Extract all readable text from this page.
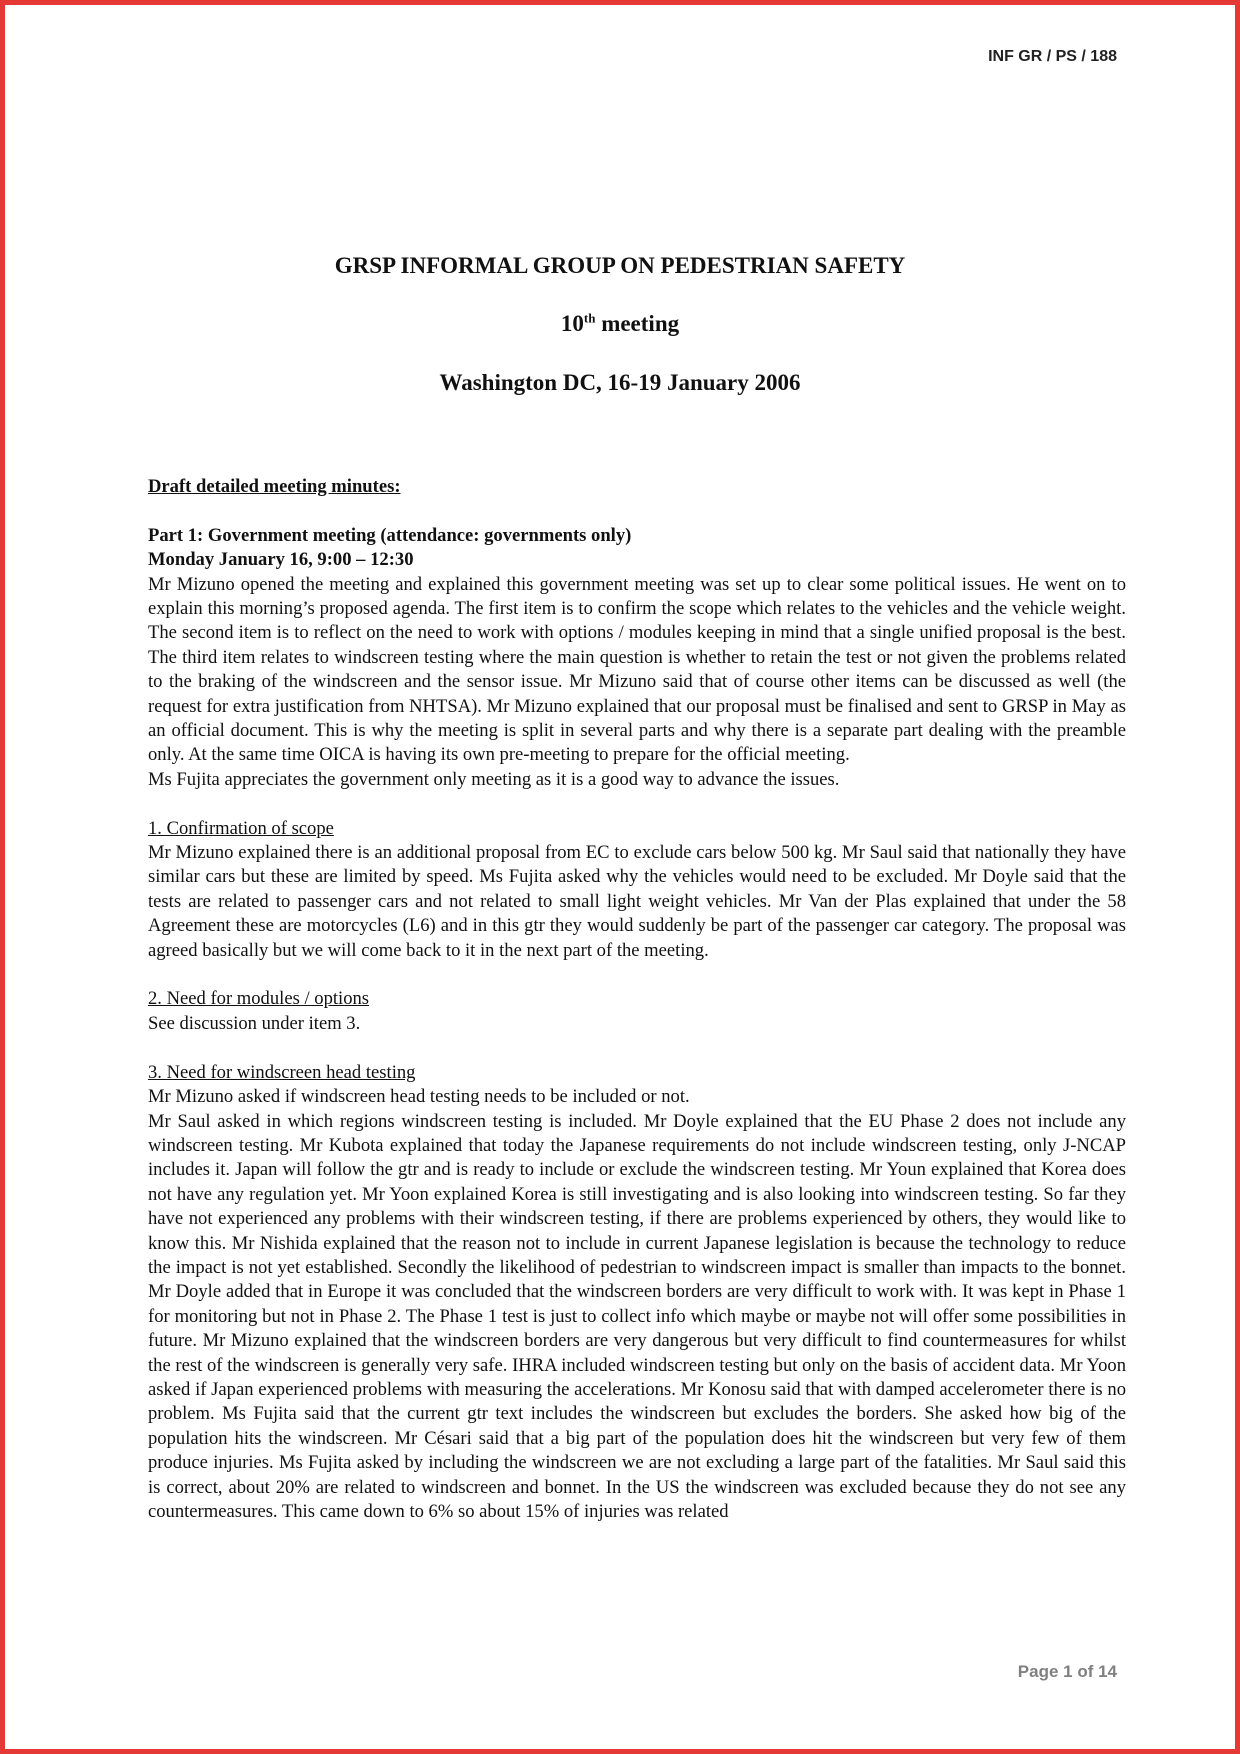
INF GR / PS / 188
GRSP INFORMAL GROUP ON PEDESTRIAN SAFETY
10th meeting
Washington DC, 16-19 January 2006
Draft detailed meeting minutes:
Part 1: Government meeting (attendance: governments only)
Monday January 16, 9:00 – 12:30
Mr Mizuno opened the meeting and explained this government meeting was set up to clear some political issues. He went on to explain this morning’s proposed agenda. The first item is to confirm the scope which relates to the vehicles and the vehicle weight. The second item is to reflect on the need to work with options / modules keeping in mind that a single unified proposal is the best. The third item relates to windscreen testing where the main question is whether to retain the test or not given the problems related to the braking of the windscreen and the sensor issue. Mr Mizuno said that of course other items can be discussed as well (the request for extra justification from NHTSA). Mr Mizuno explained that our proposal must be finalised and sent to GRSP in May as an official document. This is why the meeting is split in several parts and why there is a separate part dealing with the preamble only. At the same time OICA is having its own pre-meeting to prepare for the official meeting.
Ms Fujita appreciates the government only meeting as it is a good way to advance the issues.
1. Confirmation of scope
Mr Mizuno explained there is an additional proposal from EC to exclude cars below 500 kg. Mr Saul said that nationally they have similar cars but these are limited by speed. Ms Fujita asked why the vehicles would need to be excluded. Mr Doyle said that the tests are related to passenger cars and not related to small light weight vehicles. Mr Van der Plas explained that under the 58 Agreement these are motorcycles (L6) and in this gtr they would suddenly be part of the passenger car category. The proposal was agreed basically but we will come back to it in the next part of the meeting.
2. Need for modules / options
See discussion under item 3.
3. Need for windscreen head testing
Mr Mizuno asked if windscreen head testing needs to be included or not.
Mr Saul asked in which regions windscreen testing is included. Mr Doyle explained that the EU Phase 2 does not include any windscreen testing. Mr Kubota explained that today the Japanese requirements do not include windscreen testing, only J-NCAP includes it. Japan will follow the gtr and is ready to include or exclude the windscreen testing. Mr Youn explained that Korea does not have any regulation yet. Mr Yoon explained Korea is still investigating and is also looking into windscreen testing. So far they have not experienced any problems with their windscreen testing, if there are problems experienced by others, they would like to know this. Mr Nishida explained that the reason not to include in current Japanese legislation is because the technology to reduce the impact is not yet established. Secondly the likelihood of pedestrian to windscreen impact is smaller than impacts to the bonnet. Mr Doyle added that in Europe it was concluded that the windscreen borders are very difficult to work with. It was kept in Phase 1 for monitoring but not in Phase 2. The Phase 1 test is just to collect info which maybe or maybe not will offer some possibilities in future. Mr Mizuno explained that the windscreen borders are very dangerous but very difficult to find countermeasures for whilst the rest of the windscreen is generally very safe. IHRA included windscreen testing but only on the basis of accident data. Mr Yoon asked if Japan experienced problems with measuring the accelerations. Mr Konosu said that with damped accelerometer there is no problem. Ms Fujita said that the current gtr text includes the windscreen but excludes the borders. She asked how big of the population hits the windscreen. Mr Césari said that a big part of the population does hit the windscreen but very few of them produce injuries. Ms Fujita asked by including the windscreen we are not excluding a large part of the fatalities. Mr Saul said this is correct, about 20% are related to windscreen and bonnet. In the US the windscreen was excluded because they do not see any countermeasures. This came down to 6% so about 15% of injuries was related
Page 1 of 14
